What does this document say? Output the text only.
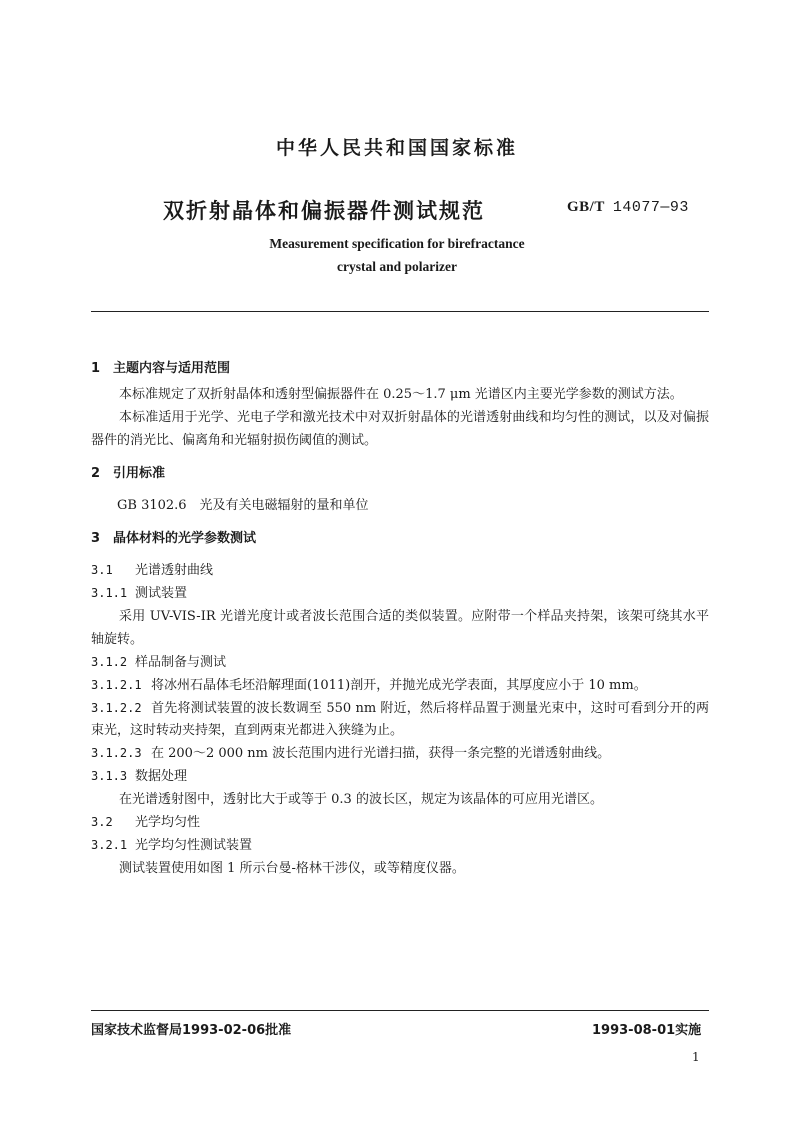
中华人民共和国国家标准
双折射晶体和偏振器件测试规范	GB/T 14077—93
Measurement specification for birefractance
crystal and polarizer

1 主题内容与适用范围

本标准规定了双折射晶体和透射型偏振器件在 0.25～1.7 μm 光谱区内主要光学参数的测试方法。

本标准适用于光学、光电子学和激光技术中对双折射晶体的光谱透射曲线和均匀性的测试，以及对偏振器件的消光比、偏离角和光辐射损伤阈值的测试。

2 引用标准

GB 3102.6　光及有关电磁辐射的量和单位

3 晶体材料的光学参数测试

3.1 光谱透射曲线

3.1.1 测试装置

采用 UV-VIS-IR 光谱光度计或者波长范围合适的类似装置。应附带一个样品夹持架，该架可绕其水平轴旋转。

3.1.2 样品制备与测试

3.1.2.1 将冰州石晶体毛坯沿解理面(1011)剖开，并抛光成光学表面，其厚度应小于 10 mm。

3.1.2.2 首先将测试装置的波长数调至 550 nm 附近，然后将样品置于测量光束中，这时可看到分开的两束光，这时转动夹持架，直到两束光都进入狭缝为止。

3.1.2.3 在 200～2 000 nm 波长范围内进行光谱扫描，获得一条完整的光谱透射曲线。

3.1.3 数据处理

在光谱透射图中，透射比大于或等于 0.3 的波长区，规定为该晶体的可应用光谱区。

3.2 光学均匀性

3.2.1 光学均匀性测试装置

测试装置使用如图 1 所示台曼-格林干涉仪，或等精度仪器。

国家技术监督局1993-02-06批准	1993-08-01实施
1
